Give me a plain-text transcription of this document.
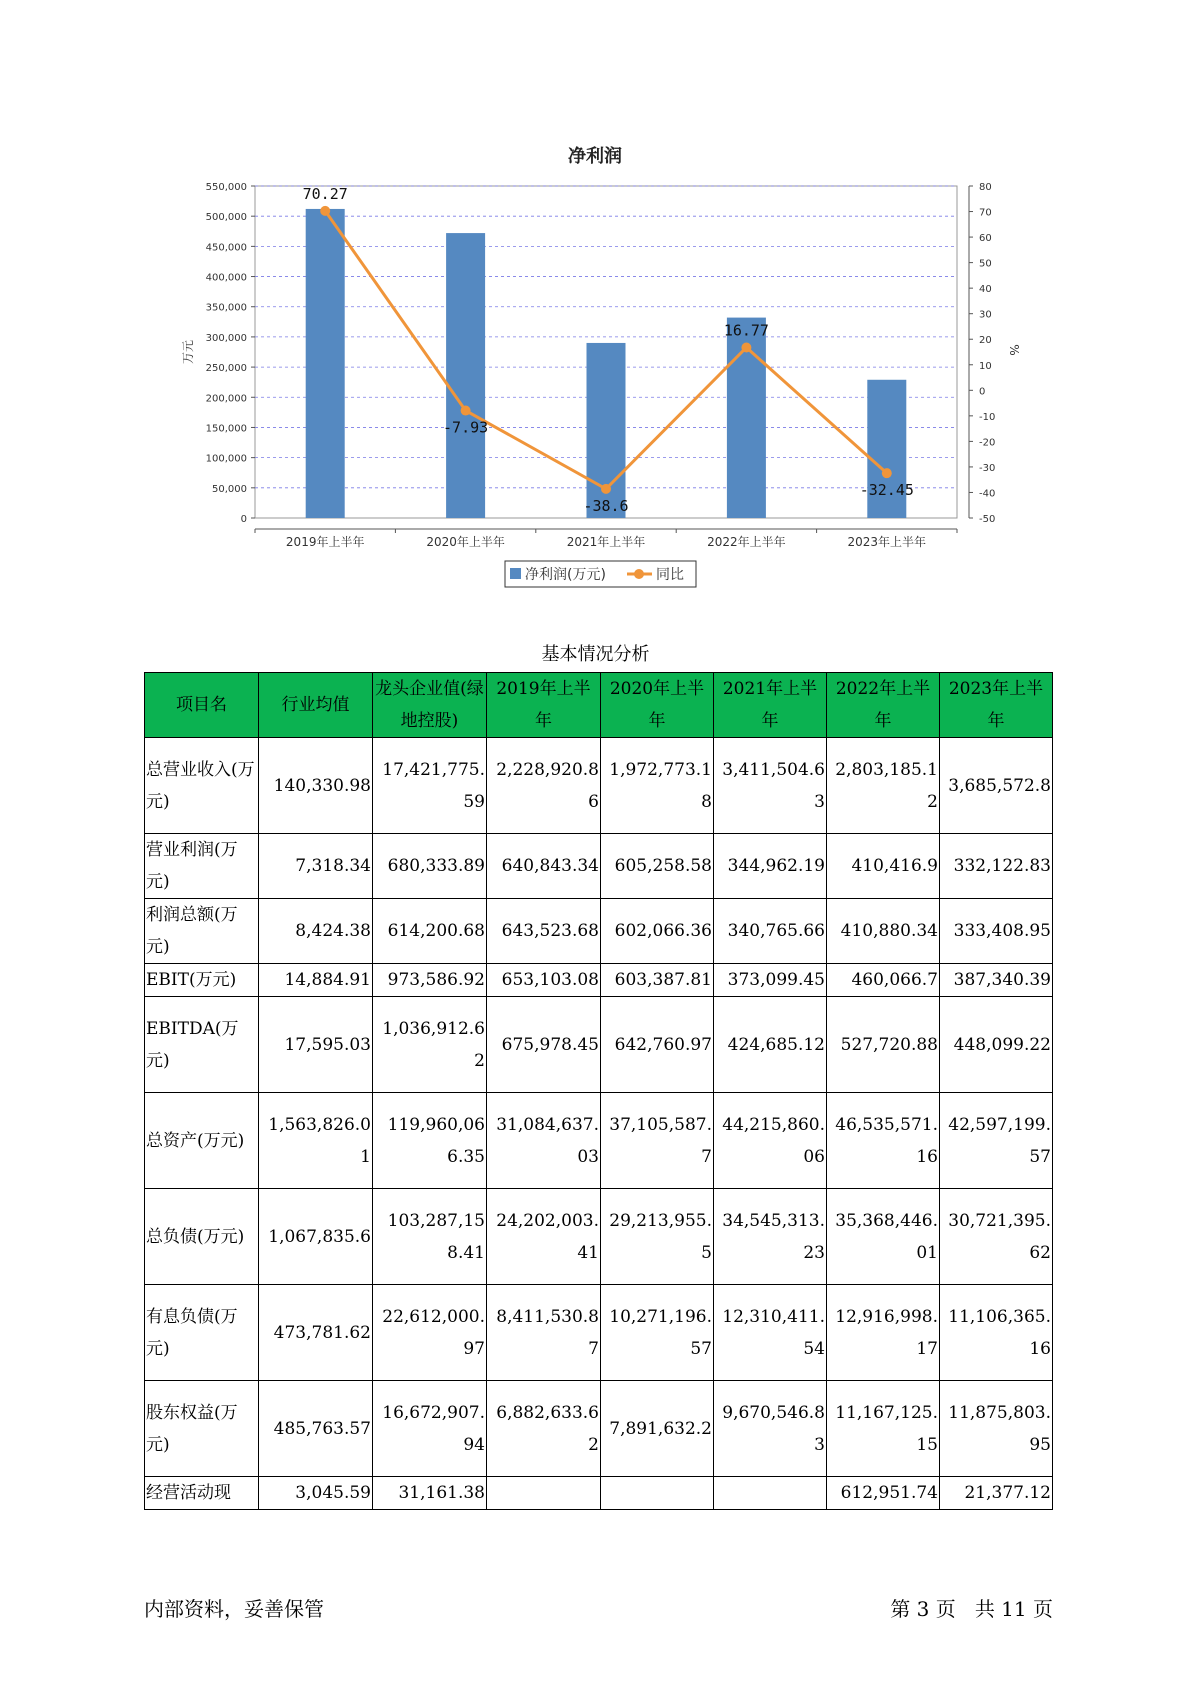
净利润
0
50,000
100,000
150,000
200,000
250,000
300,000
350,000
400,000
450,000
500,000
550,000
-50
-40
-30
-20
-10
0
10
20
30
40
50
60
70
80
万元	%
2019年上半年	2020年上半年	2021年上半年	2022年上半年	2023年上半年
70.27
-7.93
-38.6
16.77
-32.45
净利润(万元)	同比
基本情况分析
项目名	行业均值	龙头企业值(绿地控股)	2019年上半年	2020年上半年	2021年上半年	2022年上半年	2023年上半年
总营业收入(万元)	140,330.98	17,421,775.59	2,228,920.86	1,972,773.18	3,411,504.63	2,803,185.12	3,685,572.8
营业利润(万元)	7,318.34	680,333.89	640,843.34	605,258.58	344,962.19	410,416.9	332,122.83
利润总额(万元)	8,424.38	614,200.68	643,523.68	602,066.36	340,765.66	410,880.34	333,408.95
EBIT(万元)	14,884.91	973,586.92	653,103.08	603,387.81	373,099.45	460,066.7	387,340.39
EBITDA(万元)	17,595.03	1,036,912.62	675,978.45	642,760.97	424,685.12	527,720.88	448,099.22
总资产(万元)	1,563,826.01	119,960,066.35	31,084,637.03	37,105,587.7	44,215,860.06	46,535,571.16	42,597,199.57
总负债(万元)	1,067,835.6	103,287,158.41	24,202,003.41	29,213,955.5	34,545,313.23	35,368,446.01	30,721,395.62
有息负债(万元)	473,781.62	22,612,000.97	8,411,530.87	10,271,196.57	12,310,411.54	12,916,998.17	11,106,365.16
股东权益(万元)	485,763.57	16,672,907.94	6,882,633.62	7,891,632.2	9,670,546.83	11,167,125.15	11,875,803.95
经营活动现	3,045.59	31,161.38				612,951.74	21,377.12
内部资料，妥善保管	第 3 页   共 11 页
